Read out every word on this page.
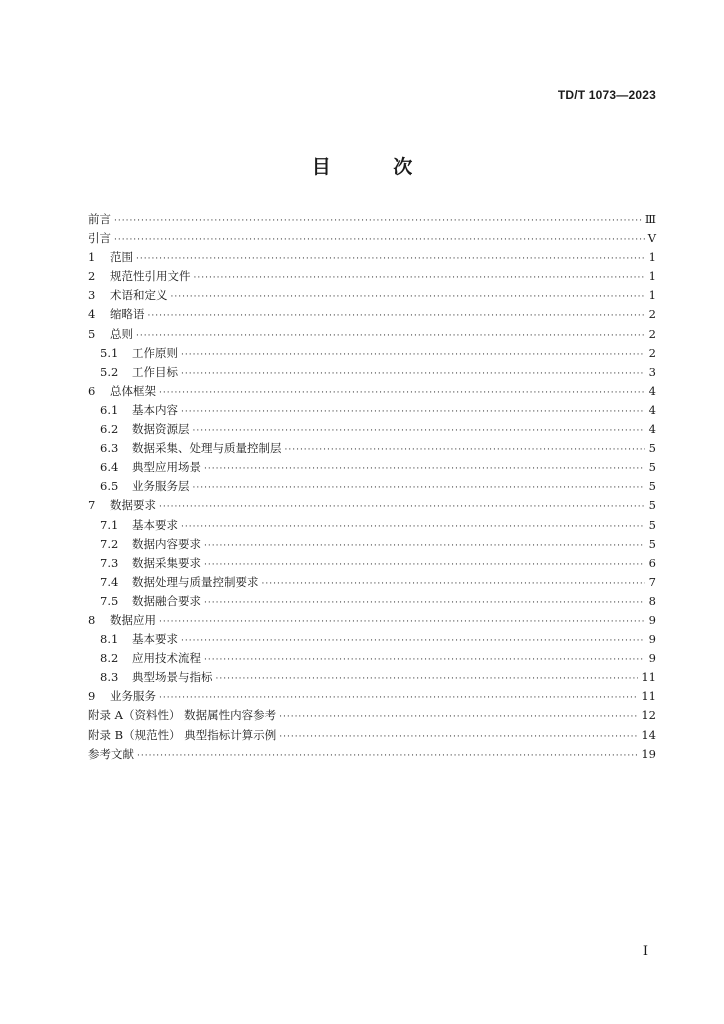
TD/T 1073—2023
目 次
前言 ·····	Ⅲ
引言 ·····	Ⅴ
1	范围 ·····	1
2	规范性引用文件 ·····	1
3	术语和定义 ·····	1
4	缩略语 ·····	2
5	总则 ·····	2
5.1	工作原则 ·····	2
5.2	工作目标 ·····	3
6	总体框架 ·····	4
6.1	基本内容 ·····	4
6.2	数据资源层 ·····	4
6.3	数据采集、处理与质量控制层 ·····	5
6.4	典型应用场景 ·····	5
6.5	业务服务层 ·····	5
7	数据要求 ·····	5
7.1	基本要求 ·····	5
7.2	数据内容要求 ·····	5
7.3	数据采集要求 ·····	6
7.4	数据处理与质量控制要求 ·····	7
7.5	数据融合要求 ·····	8
8	数据应用 ·····	9
8.1	基本要求 ·····	9
8.2	应用技术流程 ·····	9
8.3	典型场景与指标 ·····	11
9	业务服务 ·····	11
附录 A（资料性） 数据属性内容参考 ·····	12
附录 B（规范性） 典型指标计算示例 ·····	14
参考文献 ·····	19
I
